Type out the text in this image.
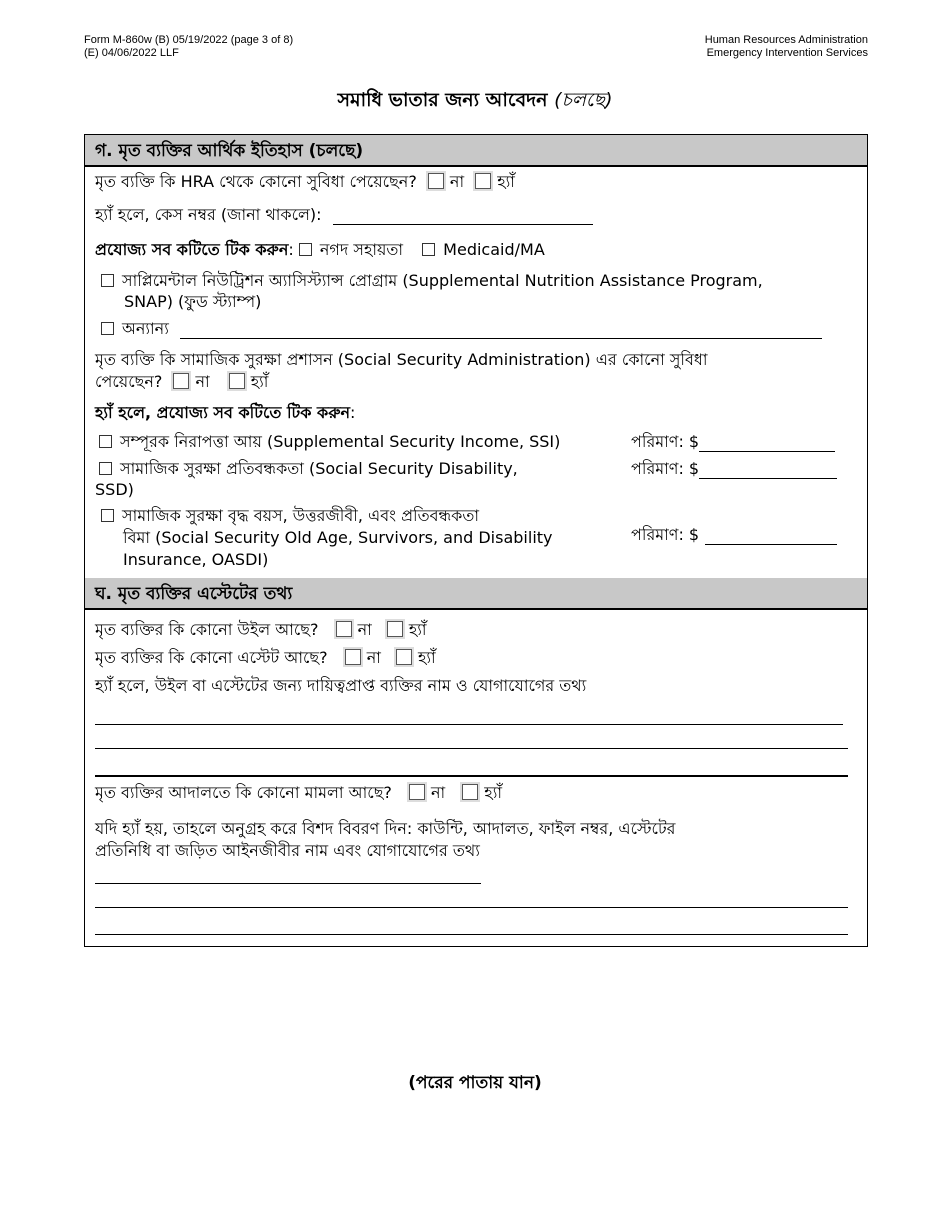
Form M-860w (B) 05/19/2022 (page 3 of 8)
(E) 04/06/2022 LLF
Human Resources Administration
Emergency Intervention Services
সমাধি ভাতার জন্য আবেদন (চলছে)
গ. মৃত ব্যক্তির আর্থিক ইতিহাস (চলছে)
মৃত ব্যক্তি কি HRA থেকে কোনো সুবিধা পেয়েছেন? না হ্যাঁ
হ্যাঁ হলে, কেস নম্বর (জানা থাকলে):
প্রযোজ্য সব কটিতে টিক করুন: নগদ সহায়তা	Medicaid/MA
সাপ্লিমেন্টাল নিউট্রিশন অ্যাসিস্ট্যান্স প্রোগ্রাম (Supplemental Nutrition Assistance Program,
SNAP) (ফুড স্ট্যাম্প)
অন্যান্য
মৃত ব্যক্তি কি সামাজিক সুরক্ষা প্রশাসন (Social Security Administration) এর কোনো সুবিধা
পেয়েছেন? না	হ্যাঁ
হ্যাঁ হলে, প্রযোজ্য সব কটিতে টিক করুন:
সম্পূরক নিরাপত্তা আয় (Supplemental Security Income, SSI)	পরিমাণ: $
সামাজিক সুরক্ষা প্রতিবন্ধকতা (Social Security Disability,
SSD)
পরিমাণ: $
সামাজিক সুরক্ষা বৃদ্ধ বয়স, উত্তরজীবী, এবং প্রতিবন্ধকতা
বিমা (Social Security Old Age, Survivors, and Disability
Insurance, OASDI)
পরিমাণ: $
ঘ. মৃত ব্যক্তির এস্টেটের তথ্য
মৃত ব্যক্তির কি কোনো উইল আছে? না হ্যাঁ
মৃত ব্যক্তির কি কোনো এস্টেট আছে? না হ্যাঁ
হ্যাঁ হলে, উইল বা এস্টেটের জন্য দায়িত্বপ্রাপ্ত ব্যক্তির নাম ও যোগাযোগের তথ্য
মৃত ব্যক্তির আদালতে কি কোনো মামলা আছে? না হ্যাঁ
যদি হ্যাঁ হয়, তাহলে অনুগ্রহ করে বিশদ বিবরণ দিন: কাউন্টি, আদালত, ফাইল নম্বর, এস্টেটের
প্রতিনিধি বা জড়িত আইনজীবীর নাম এবং যোগাযোগের তথ্য
(পরের পাতায় যান)
